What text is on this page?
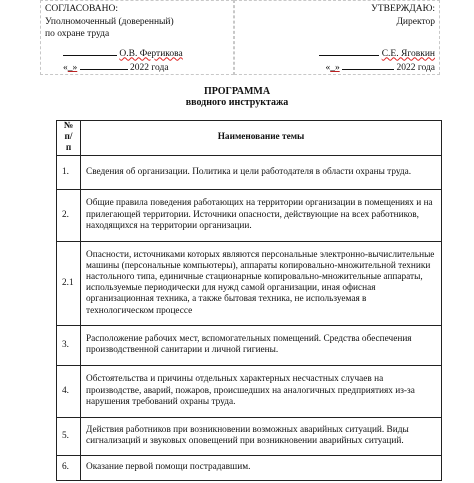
СОГЛАСОВАНО:
Уполномоченный (доверенный)
по охране труда
О.В. Фертикова
«_»	2022 года
УТВЕРЖДАЮ:
Директор
С.Е. Яговкин
«_»	2022 года
ПРОГРАММА
вводного инструктажа
№ п/п	Наименование темы
1.	Сведения об организации. Политика и цели работодателя в области охраны труда.
2.	Общие правила поведения работающих на территории организации в помещениях и на прилегающей территории. Источники опасности, действующие на всех работников, находящихся на территории организации.
2.1	Опасности, источниками которых являются персональные электронно-вычислительные машины (персональные компьютеры), аппараты копировально-множительной техники настольного типа, единичные стационарные копировально-множительные аппараты, используемые периодически для нужд самой организации, иная офисная организационная техника, а также бытовая техника, не используемая в технологическом процессе
3.	Расположение рабочих мест, вспомогательных помещений. Средства обеспечения производственной санитарии и личной гигиены.
4.	Обстоятельства и причины отдельных характерных несчастных случаев на производстве, аварий, пожаров, происшедших на аналогичных предприятиях из-за нарушения требований охраны труда.
5.	Действия работников при возникновении возможных аварийных ситуаций. Виды сигнализаций и звуковых оповещений при возникновении аварийных ситуаций.
6.	Оказание первой помощи пострадавшим.
